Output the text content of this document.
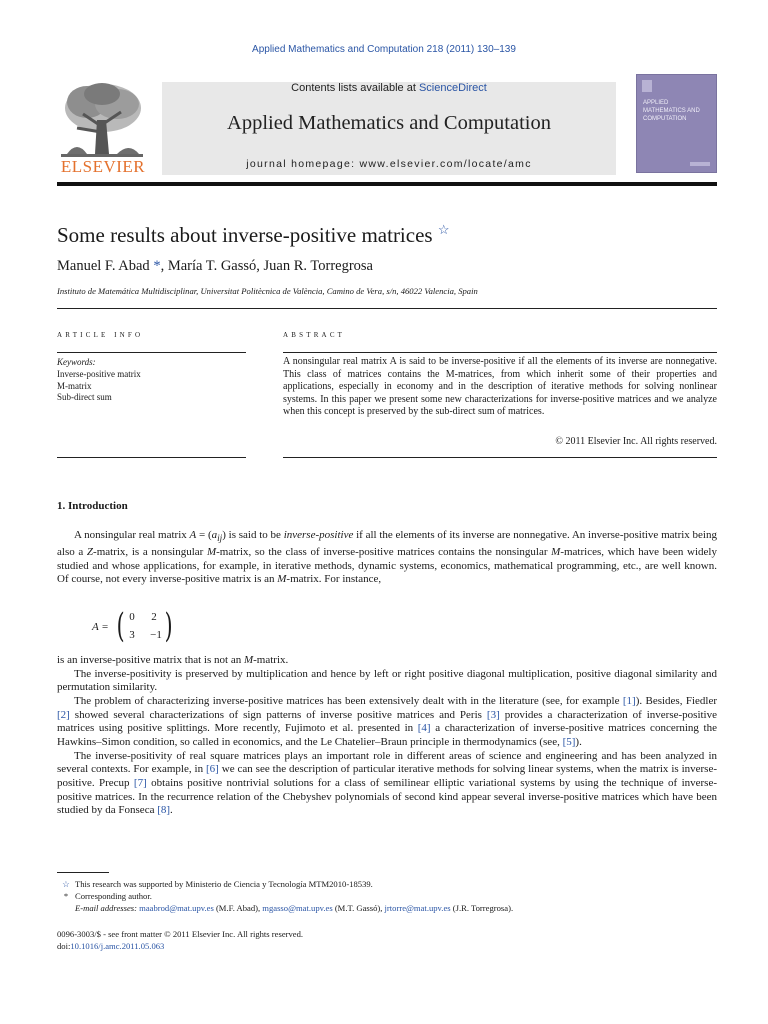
Applied Mathematics and Computation 218 (2011) 130–139
ELSEVIER
Contents lists available at ScienceDirect
Applied Mathematics and Computation
journal homepage: www.elsevier.com/locate/amc
APPLIED MATHEMATICS AND COMPUTATION
Some results about inverse-positive matrices ☆
Manuel F. Abad *, María T. Gassó, Juan R. Torregrosa
Instituto de Matemática Multidisciplinar, Universitat Politècnica de València, Camino de Vera, s/n, 46022 Valencia, Spain
article info
Keywords:
Inverse-positive matrix
M-matrix
Sub-direct sum
abstract
A nonsingular real matrix A is said to be inverse-positive if all the elements of its inverse are nonnegative. This class of matrices contains the M-matrices, from which inherit some of their properties and applications, especially in economy and in the description of iterative methods for solving nonlinear systems. In this paper we present some new characterizations for inverse-positive matrices and we analyze when this concept is preserved by the sub-direct sum of matrices.
© 2011 Elsevier Inc. All rights reserved.
1. Introduction

A nonsingular real matrix $A = (a_{ij})$ is said to be inverse-positive if all the elements of its inverse are nonnegative. An inverse-positive matrix being also a Z-matrix, is a nonsingular M-matrix, so the class of inverse-positive matrices contains the nonsingular M-matrices, which have been widely studied and whose applications, for example, in iterative methods, dynamic systems, economics, mathematical programming, etc., are well known. Of course, not every inverse-positive matrix is an M-matrix. For instance,

A = ( 0	2
3	−1 )

is an inverse-positive matrix that is not an M-matrix.

The inverse-positivity is preserved by multiplication and hence by left or right positive diagonal multiplication, positive diagonal similarity and permutation similarity.

The problem of characterizing inverse-positive matrices has been extensively dealt with in the literature (see, for example [1]). Besides, Fiedler [2] showed several characterizations of sign patterns of inverse positive matrices and Peris [3] provides a characterization of inverse-positive matrices using positive splittings. More recently, Fujimoto et al. presented in [4] a characterization of inverse-positive matrices concerning the Hawkins–Simon condition, so called in economics, and the Le Chatelier–Braun principle in thermodynamics (see, [5]).

The inverse-positivity of real square matrices plays an important role in different areas of science and engineering and has been analyzed in several contexts. For example, in [6] we can see the description of particular iterative methods for solving linear systems, when the matrix is inverse-positive. Precup [7] obtains positive nontrivial solutions for a class of semilinear elliptic variational systems by using the technique of inverse-positive matrices. In the recurrence relation of the Chebyshev polynomials of second kind appear several inverse-positive matrices which have been studied by da Fonseca [8].

☆ This research was supported by Ministerio de Ciencia y Tecnología MTM2010-18539.
* Corresponding author.
E-mail addresses: maabrod@mat.upv.es (M.F. Abad), mgasso@mat.upv.es (M.T. Gassó), jrtorre@mat.upv.es (J.R. Torregrosa).
0096-3003/$ - see front matter © 2011 Elsevier Inc. All rights reserved.
doi:10.1016/j.amc.2011.05.063
